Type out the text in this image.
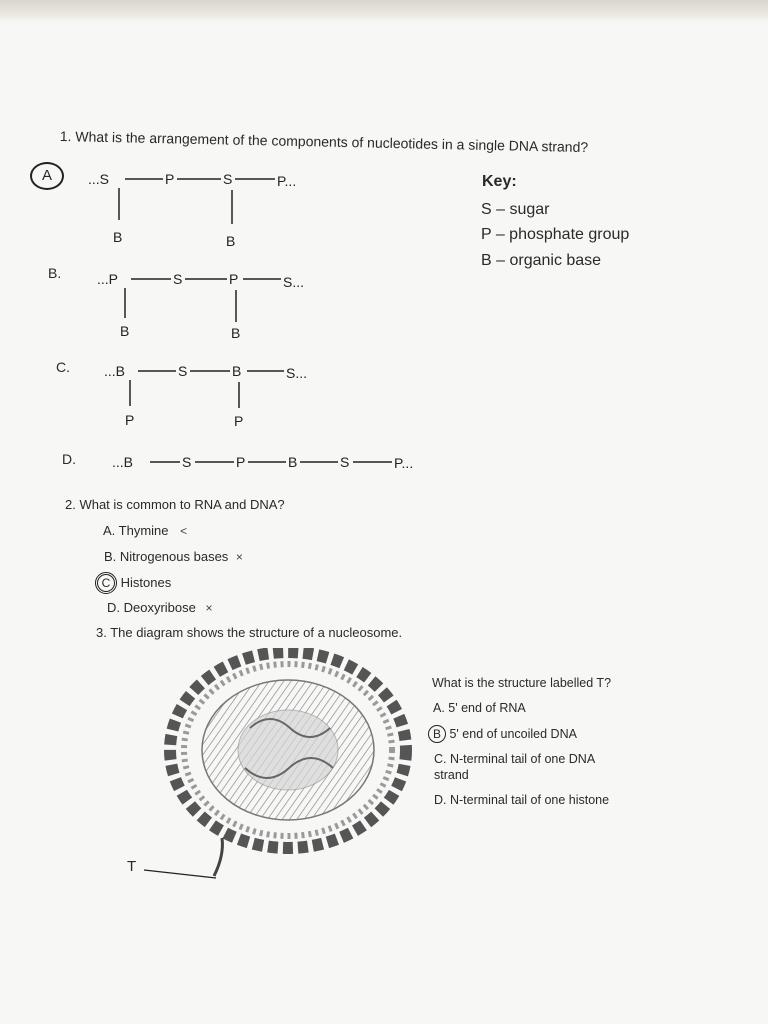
1. What is the arrangement of the components of nucleotides in a single DNA strand?
A	...S	P	S	P...
B	B
Key:
S – sugar
P – phosphate group
B – organic base
B.	...P	S	P	S...
B	B
C. ...B	S	B	S...
P	P
D.	...B	S	P	B	S	P...
2. What is common to RNA and DNA?
A. Thymine <
B. Nitrogenous bases ×
C Histones
D. Deoxyribose ×
3. The diagram shows the structure of a nucleosome.
T
What is the structure labelled T?
A. 5' end of RNA
B 5' end of uncoiled DNA
C. N-terminal tail of one DNA
strand
D. N-terminal tail of one histone
